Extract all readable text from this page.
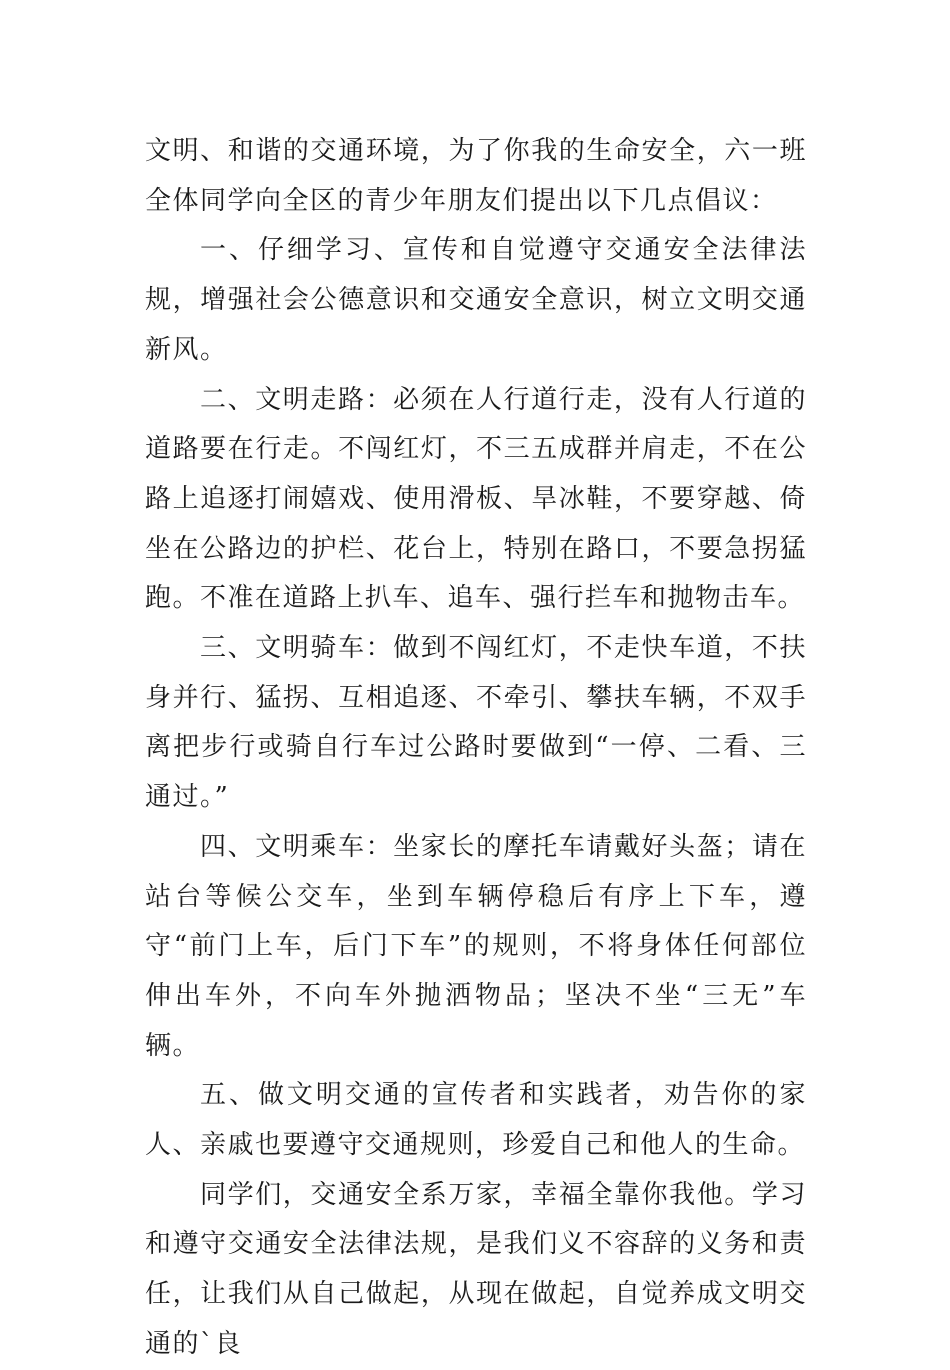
文明、和谐的交通环境，为了你我的生命安全，六一班全体同学向全区的青少年朋友们提出以下几点倡议：

一、仔细学习、宣传和自觉遵守交通安全法律法规，增强社会公德意识和交通安全意识，树立文明交通新风。

二、文明走路：必须在人行道行走，没有人行道的道路要在行走。不闯红灯，不三五成群并肩走，不在公路上追逐打闹嬉戏、使用滑板、旱冰鞋，不要穿越、倚坐在公路边的护栏、花台上，特别在路口，不要急拐猛跑。不准在道路上扒车、追车、强行拦车和抛物击车。

三、文明骑车：做到不闯红灯，不走快车道，不扶身并行、猛拐、互相追逐、不牵引、攀扶车辆，不双手离把步行或骑自行车过公路时要做到“一停、二看、三通过。”

四、文明乘车：坐家长的摩托车请戴好头盔；请在站台等候公交车，坐到车辆停稳后有序上下车，遵守“前门上车，后门下车”的规则，不将身体任何部位伸出车外，不向车外抛洒物品；坚决不坐“三无”车辆。

五、做文明交通的宣传者和实践者，劝告你的家人、亲戚也要遵守交通规则，珍爱自己和他人的生命。

同学们，交通安全系万家，幸福全靠你我他。学习和遵守交通安全法律法规，是我们义不容辞的义务和责任，让我们从自己做起，从现在做起，自觉养成文明交通的`良
